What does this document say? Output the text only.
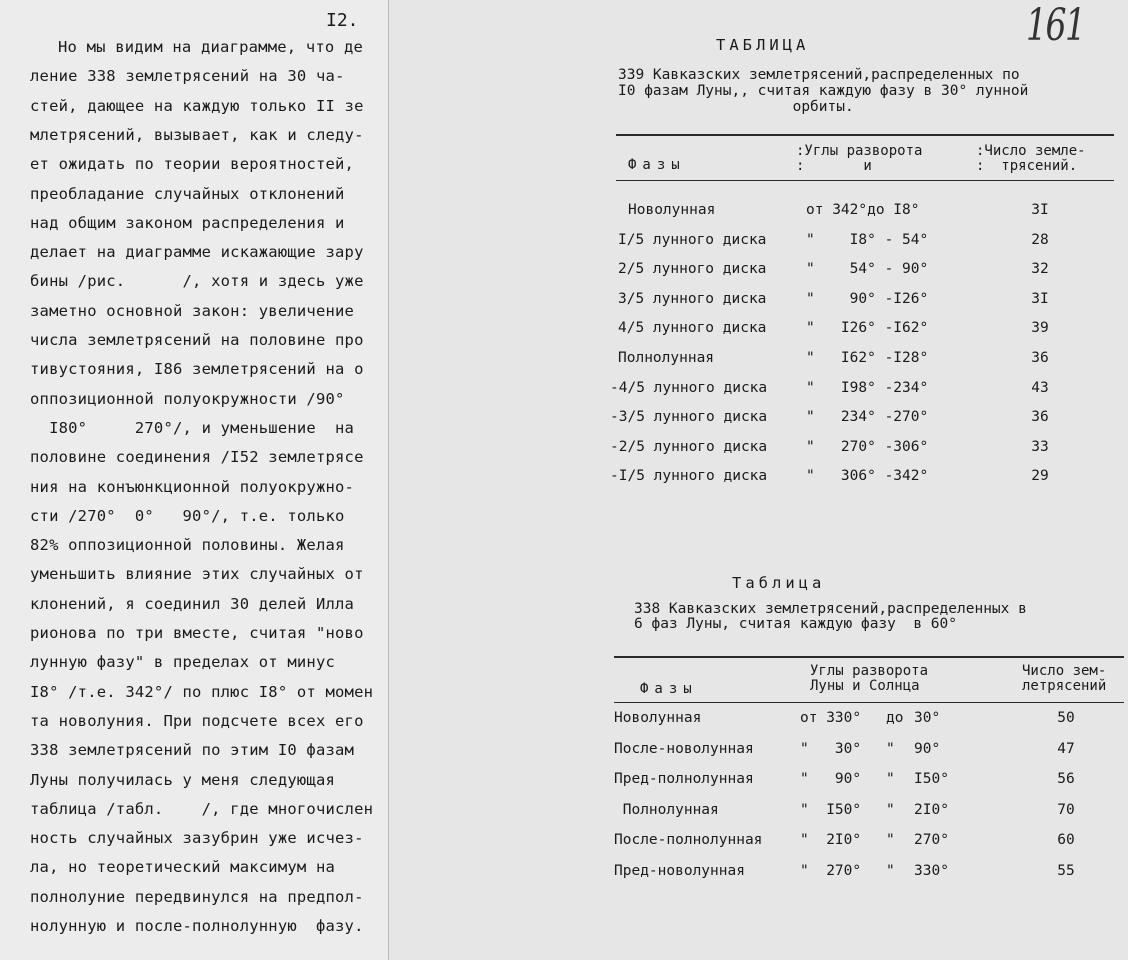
I2.
Но мы видим на диаграмме, что де
ление 338 землетрясений на 30 ча-
стей, дающее на каждую только II зе
млетрясений, вызывает, как и следу-
ет ожидать по теории вероятностей,
преобладание случайных отклонений
над общим законом распределения и
делает на диаграмме искажающие зару
бины /рис.      /, хотя и здесь уже
заметно основной закон: увеличение
числа землетрясений на половине про
тивустояния, I86 землетрясений на о
оппозиционной полуокружности /90°
I80°     270°/, и уменьшение  на
половине соединения /I52 землетрясе
ния на конъюнкционной полуокружно-
сти /270°  0°   90°/, т.е. только
82% оппозиционной половины. Желая
уменьшить влияние этих случайных от
клонений, я соединил 30 делей Илла
рионова по три вместе, считая "ново
лунную фазу" в пределах от минус
I8° /т.е. 342°/ по плюс I8° от момен
та новолуния. При подсчете всех его
338 землетрясений по этим I0 фазам
Луны получилась у меня следующая
таблица /табл.    /, где многочислен
ность случайных зазубрин уже исчез-
ла, но теоретический максимум на
полнолуние передвинулся на предпол-
нолунную и после-полнолунную  фазу.
161
ТАБЛИЦА
339 Кавказских землетрясений,распределенных по
I0 фазам Луны,, считая каждую фазу в 30° лунной
орбиты.
Фазы
:Углы разворота
:       и
:Число земле-
:  трясений.
Новолунная	от 342°до I8°	3I
I/5 лунного диска	"    I8° - 54°	28
2/5 лунного диска	"    54° - 90°	32
3/5 лунного диска	"    90° -I26°	3I
4/5 лунного диска	"   I26° -I62°	39
Полнолунная	"   I62° -I28°	36
-4/5 лунного диска	"   I98° -234°	43
-3/5 лунного диска	"   234° -270°	36
-2/5 лунного диска	"   270° -306°	33
-I/5 лунного диска	"   306° -342°	29
Таблица
338 Кавказских землетрясений,распределенных в
6 фаз Луны, считая каждую фазу  в 60°
Фазы
Углы разворота
Луны и Солнца
Число зем-
летрясений
Новолунная	от 330° до 30°	50
После-новолунная	"   30° " 90°	47
Пред-полнолунная	"   90° " I50°	56
Полнолунная	"  I50° " 2I0°	70
После-полнолунная	"  2I0° " 270°	60
Пред-новолунная	"  270° " 330°	55
